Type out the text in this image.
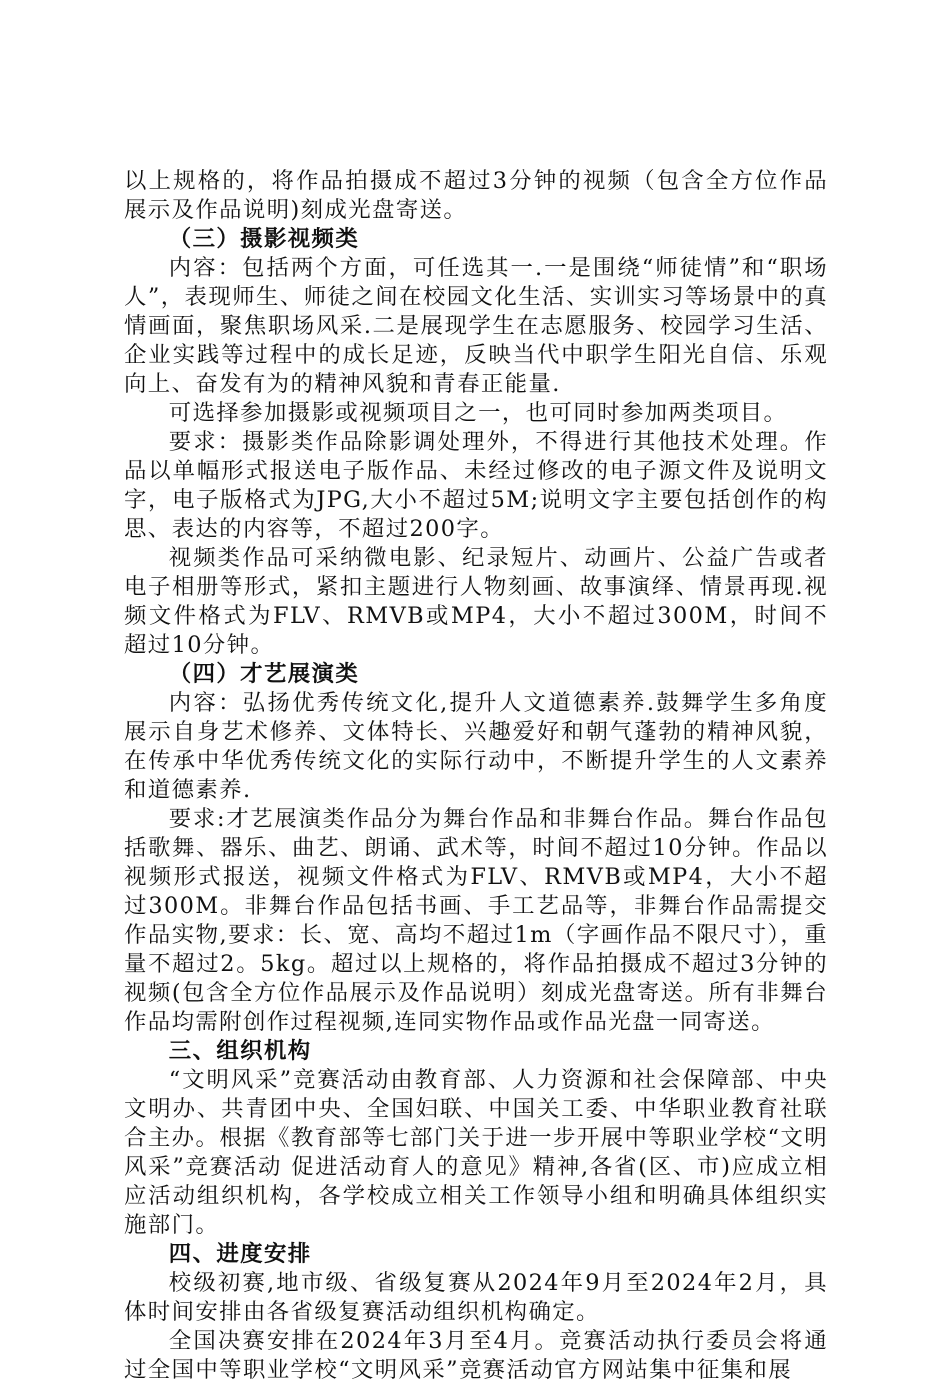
以上规格的，将作品拍摄成不超过3分钟的视频（包含全方位作品展示及作品说明)刻成光盘寄送。

（三）摄影视频类

内容：包括两个方面，可任选其一.一是围绕“师徒情”和“职场人”，表现师生、师徒之间在校园文化生活、实训实习等场景中的真情画面，聚焦职场风采.二是展现学生在志愿服务、校园学习生活、企业实践等过程中的成长足迹，反映当代中职学生阳光自信、乐观向上、奋发有为的精神风貌和青春正能量.

可选择参加摄影或视频项目之一，也可同时参加两类项目。

要求：摄影类作品除影调处理外，不得进行其他技术处理。作品以单幅形式报送电子版作品、未经过修改的电子源文件及说明文字，电子版格式为JPG,大小不超过5M;说明文字主要包括创作的构思、表达的内容等，不超过200字。

视频类作品可采纳微电影、纪录短片、动画片、公益广告或者电子相册等形式，紧扣主题进行人物刻画、故事演绎、情景再现.视频文件格式为FLV、RMVB或MP4，大小不超过300M，时间不超过10分钟。

（四）才艺展演类

内容：弘扬优秀传统文化,提升人文道德素养.鼓舞学生多角度展示自身艺术修养、文体特长、兴趣爱好和朝气蓬勃的精神风貌，在传承中华优秀传统文化的实际行动中，不断提升学生的人文素养和道德素养.

要求:才艺展演类作品分为舞台作品和非舞台作品。舞台作品包括歌舞、器乐、曲艺、朗诵、武术等，时间不超过10分钟。作品以视频形式报送，视频文件格式为FLV、RMVB或MP4，大小不超过300M。非舞台作品包括书画、手工艺品等，非舞台作品需提交作品实物,要求：长、宽、高均不超过1m（字画作品不限尺寸），重量不超过2。5kg。超过以上规格的，将作品拍摄成不超过3分钟的视频(包含全方位作品展示及作品说明）刻成光盘寄送。所有非舞台作品均需附创作过程视频,连同实物作品或作品光盘一同寄送。

三、组织机构

“文明风采”竞赛活动由教育部、人力资源和社会保障部、中央文明办、共青团中央、全国妇联、中国关工委、中华职业教育社联合主办。根据《教育部等七部门关于进一步开展中等职业学校“文明风采”竞赛活动 促进活动育人的意见》精神,各省(区、市)应成立相应活动组织机构，各学校成立相关工作领导小组和明确具体组织实施部门。

四、进度安排

校级初赛,地市级、省级复赛从2024年9月至2024年2月，具体时间安排由各省级复赛活动组织机构确定。

全国决赛安排在2024年3月至4月。竞赛活动执行委员会将通过全国中等职业学校“文明风采”竞赛活动官方网站集中征集和展
